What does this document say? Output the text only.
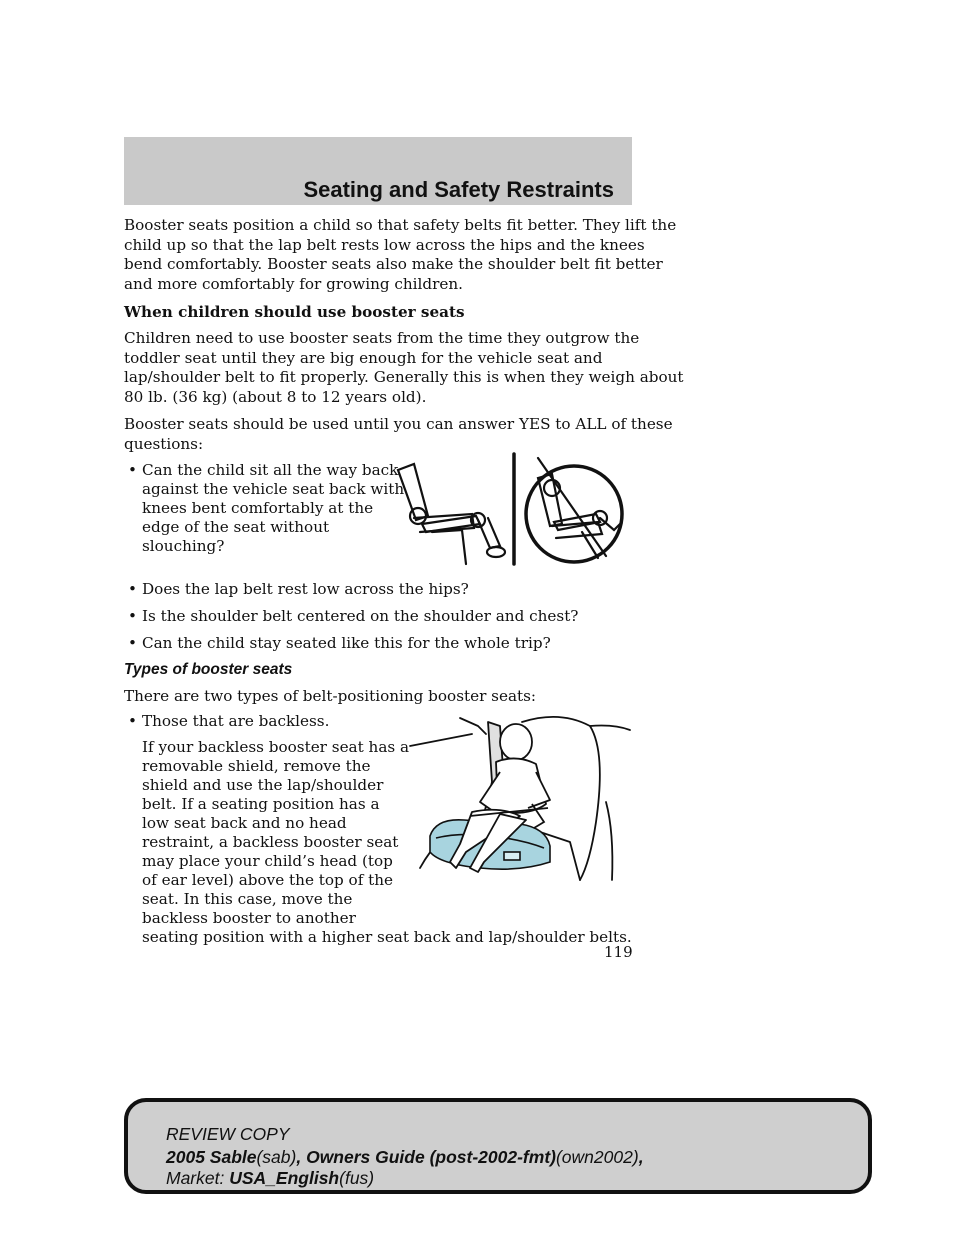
Seating and Safety Restraints

Booster seats position a child so that safety belts fit better. They lift the

child up so that the lap belt rests low across the hips and the knees

bend comfortably. Booster seats also make the shoulder belt fit better

and more comfortably for growing children.

When children should use booster seats

Children need to use booster seats from the time they outgrow the

toddler seat until they are big enough for the vehicle seat and

lap/shoulder belt to fit properly. Generally this is when they weigh about

80 lb. (36 kg) (about 8 to 12 years old).

Booster seats should be used until you can answer YES to ALL of these

questions:

• Can the child sit all the way back

against the vehicle seat back with

knees bent comfortably at the

edge of the seat without

slouching?

• Does the lap belt rest low across the hips?
• Is the shoulder belt centered on the shoulder and chest?
• Can the child stay seated like this for the whole trip?

Types of booster seats

There are two types of belt-positioning booster seats:

• Those that are backless.

If your backless booster seat has a

removable shield, remove the

shield and use the lap/shoulder

belt. If a seating position has a

low seat back and no head

restraint, a backless booster seat

may place your child’s head (top

of ear level) above the top of the

seat. In this case, move the

backless booster to another

seating position with a higher seat back and lap/shoulder belts.

119
REVIEW COPY
2005 Sable(sab), Owners Guide (post-2002-fmt)(own2002),
Market: USA_English(fus)
